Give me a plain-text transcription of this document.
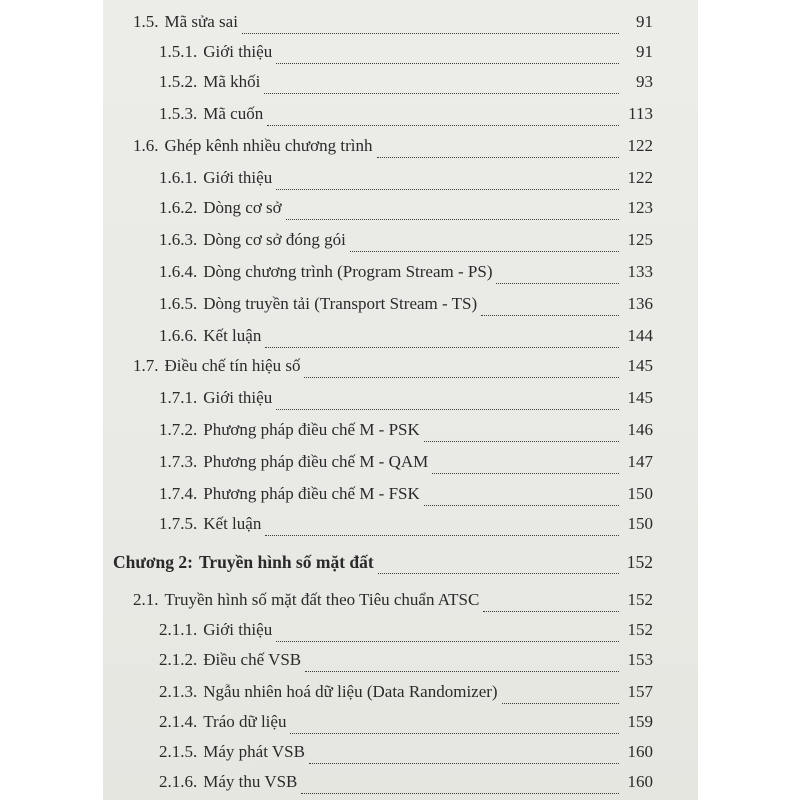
1.5. Mã sửa sai	91
1.5.1. Giới thiệu	91
1.5.2. Mã khối	93
1.5.3. Mã cuốn	113
1.6. Ghép kênh nhiều chương trình	122
1.6.1. Giới thiệu	122
1.6.2. Dòng cơ sở	123
1.6.3. Dòng cơ sở đóng gói	125
1.6.4. Dòng chương trình (Program Stream - PS)	133
1.6.5. Dòng truyền tải (Transport Stream - TS)	136
1.6.6. Kết luận	144
1.7. Điều chế tín hiệu số	145
1.7.1. Giới thiệu	145
1.7.2. Phương pháp điều chế M - PSK	146
1.7.3. Phương pháp điều chế M - QAM	147
1.7.4. Phương pháp điều chế M - FSK	150
1.7.5. Kết luận	150
Chương 2: Truyền hình số mặt đất	152
2.1. Truyền hình số mặt đất theo Tiêu chuẩn ATSC	152
2.1.1. Giới thiệu	152
2.1.2. Điều chế VSB	153
2.1.3. Ngẫu nhiên hoá dữ liệu (Data Randomizer)	157
2.1.4. Tráo dữ liệu	159
2.1.5. Máy phát VSB	160
2.1.6. Máy thu VSB	160
